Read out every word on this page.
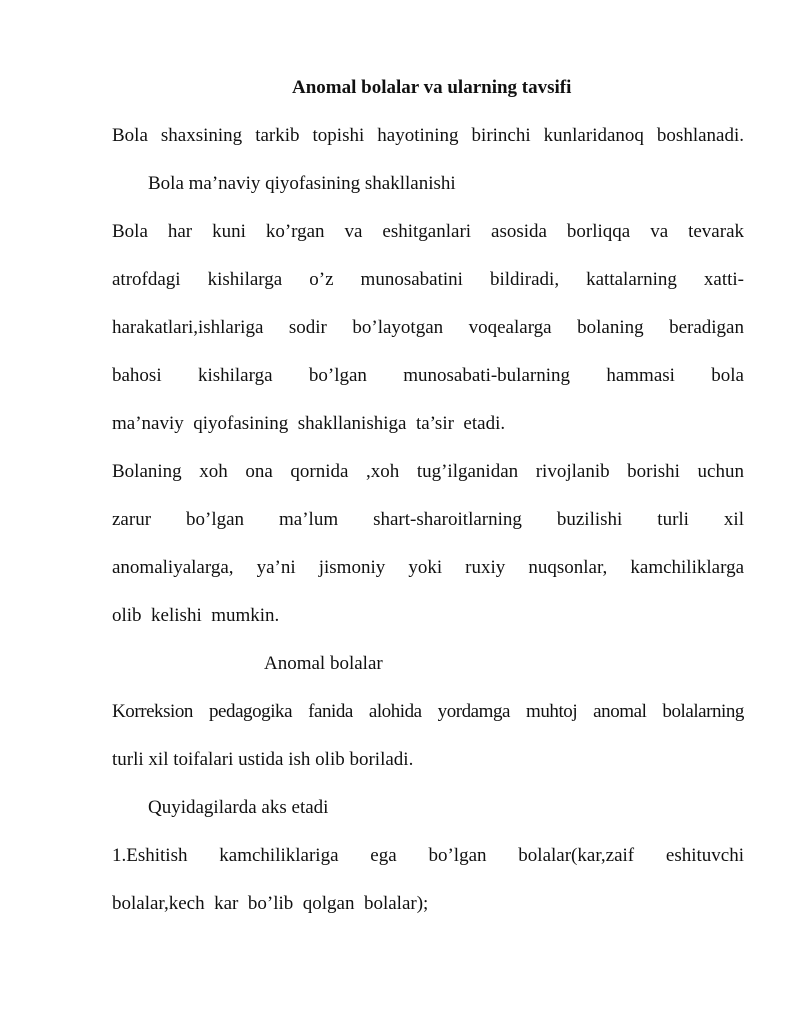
Anomal bolalar va ularning tavsifi
Bola shaxsining tarkib topishi hayotining birinchi kunlaridanoq boshlanadi.
Bola ma’naviy qiyofasining shakllanishi
Bola har kuni ko’rgan va eshitganlari asosida borliqqa va tevarak
atrofdagi kishilarga o’z munosabatini bildiradi, kattalarning xatti-
harakatlari,ishlariga sodir bo’layotgan voqealarga bolaning beradigan
bahosi kishilarga bo’lgan munosabati-bularning hammasi bola
ma’naviy  qiyofasining  shakllanishiga  ta’sir  etadi.
Bolaning xoh ona qornida ,xoh tug’ilganidan rivojlanib borishi uchun
zarur bo’lgan ma’lum shart-sharoitlarning buzilishi turli xil
anomaliyalarga, ya’ni jismoniy yoki ruxiy nuqsonlar, kamchiliklarga
olib  kelishi  mumkin.
Anomal bolalar
Korreksion pedagogika fanida alohida yordamga muhtoj anomal bolalarning
turli xil toifalari ustida ish olib boriladi.
Quyidagilarda aks etadi
1.Eshitish kamchiliklariga ega bo’lgan bolalar(kar,zaif eshituvchi
bolalar,kech  kar  bo’lib  qolgan  bolalar);
